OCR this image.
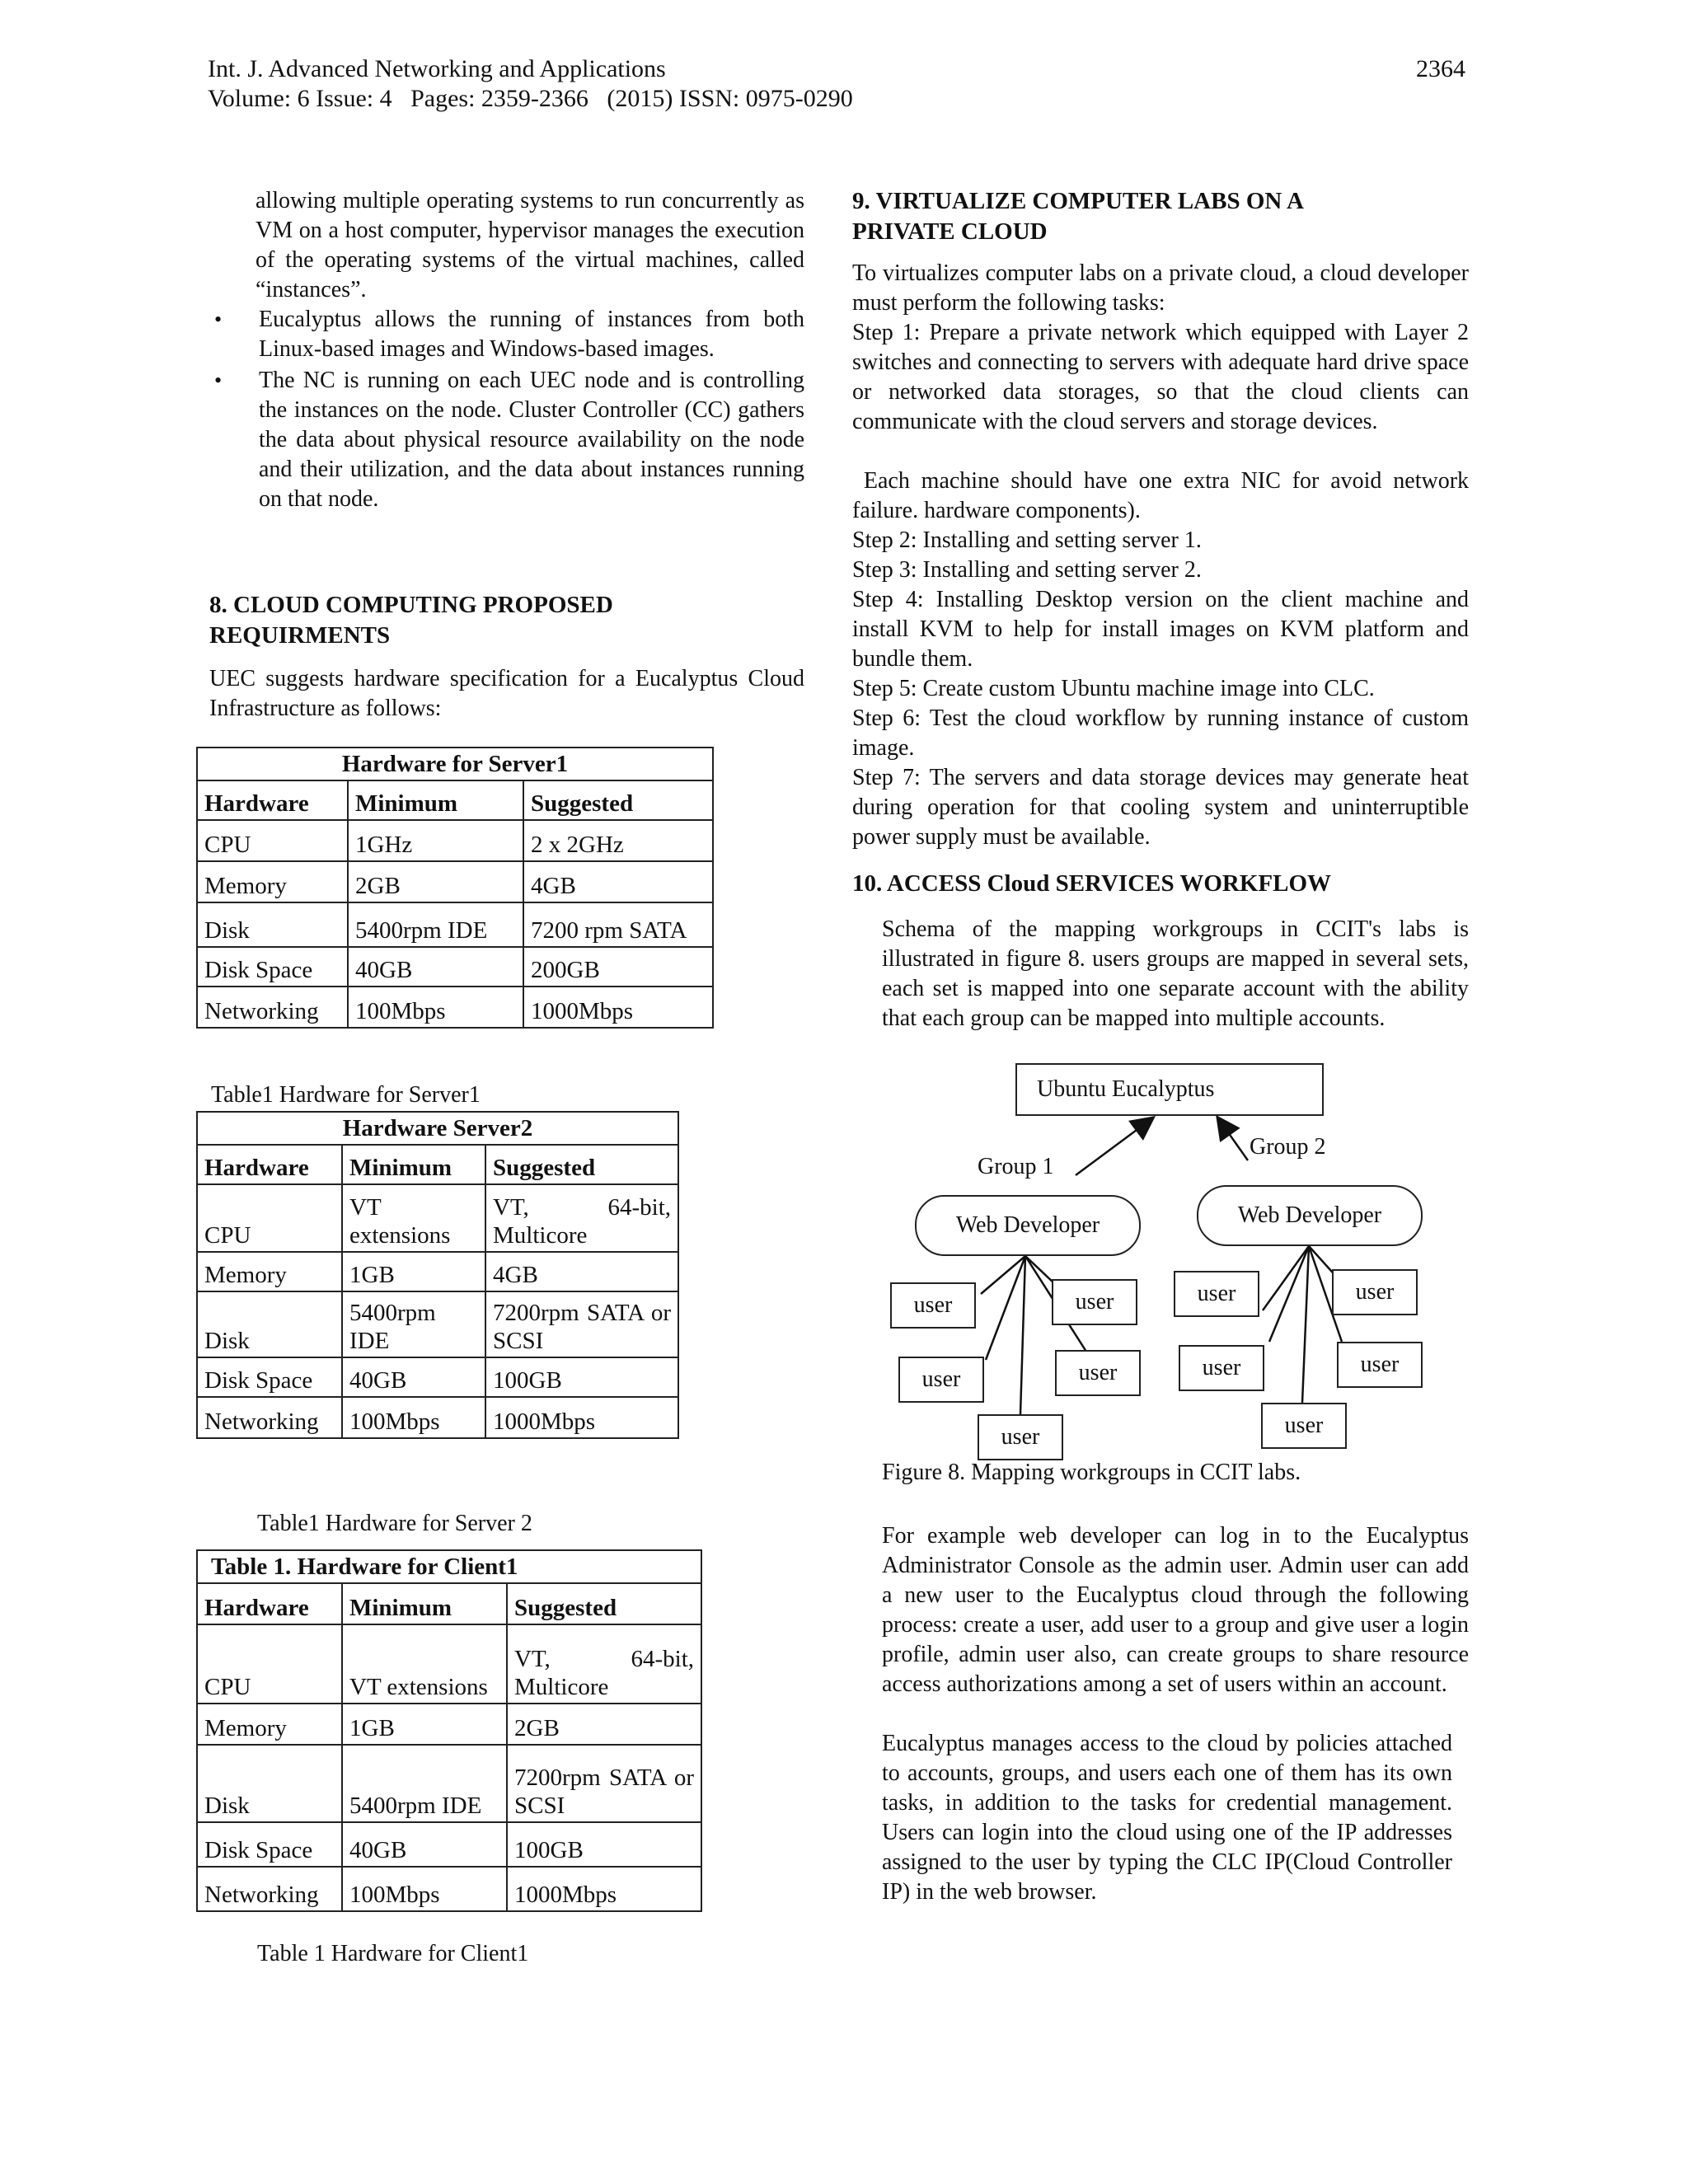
Int. J. Advanced Networking and Applications
Volume: 6 Issue: 4   Pages: 2359-2366   (2015) ISSN: 0975-0290
2364
allowing multiple operating systems to run concurrently as VM on a host computer, hypervisor manages the execution of the operating systems of the virtual machines, called “instances”.
• Eucalyptus allows the running of instances from both Linux-based images and Windows-based images.
• The NC is running on each UEC node and is controlling the instances on the node. Cluster Controller (CC) gathers the data about physical resource availability on the node and their utilization, and the data about instances running on that node.
8. CLOUD COMPUTING PROPOSED
REQUIRMENTS
UEC suggests hardware specification for a Eucalyptus Cloud Infrastructure as follows:
Hardware for Server1		
Hardware	Minimum	Suggested
CPU	1GHz	2 x 2GHz
Memory	2GB	4GB
Disk	5400rpm IDE	7200 rpm SATA
Disk Space	40GB	200GB
Networking	100Mbps	1000Mbps
Table1 Hardware for Server1
Hardware Server2		
Hardware	Minimum	Suggested
CPU	VT extensions	VT, 64-bit, Multicore
Memory	1GB	4GB
Disk	5400rpm IDE	7200rpm SATA or SCSI
Disk Space	40GB	100GB
Networking	100Mbps	1000Mbps
Table1 Hardware for Server 2
Table 1. Hardware for Client1		
Hardware	Minimum	Suggested
CPU	VT extensions	VT, 64-bit, Multicore
Memory	1GB	2GB
Disk	5400rpm IDE	7200rpm SATA or SCSI
Disk Space	40GB	100GB
Networking	100Mbps	1000Mbps
Table 1 Hardware for Client1
9. VIRTUALIZE COMPUTER LABS ON A
PRIVATE CLOUD
To virtualizes computer labs on a private cloud, a cloud developer must perform the following tasks:
Step 1: Prepare a private network which equipped with Layer 2 switches and connecting to servers with adequate hard drive space or networked data storages, so that the cloud clients can communicate with the cloud servers and storage devices.
Each machine should have one extra NIC for avoid network failure. hardware components).
Step 2: Installing and setting server 1.
Step 3: Installing and setting server 2.
Step 4: Installing Desktop version on the client machine and install KVM to help for install images on KVM platform and bundle them.
Step 5: Create custom Ubuntu machine image into CLC.
Step 6: Test the cloud workflow by running instance of custom image.
Step 7: The servers and data storage devices may generate heat during operation for that cooling system and uninterruptible power supply must be available.
10. ACCESS Cloud SERVICES WORKFLOW
Schema of the mapping workgroups in CCIT's labs is illustrated in figure 8. users groups are mapped in several sets, each set is mapped into one separate account with the ability that each group can be mapped into multiple accounts.
Ubuntu Eucalyptus
Group 1
Group 2
Web Developer	Web Developer
user	user
user	user
user
user	user
user	user
user
Figure 8. Mapping workgroups in CCIT labs.
For example web developer can log in to the Eucalyptus Administrator Console as the admin user. Admin user can add a new user to the Eucalyptus cloud through the following process: create a user, add user to a group and give user a login profile, admin user also, can create groups to share resource access authorizations among a set of users within an account.
Eucalyptus manages access to the cloud by policies attached to accounts, groups, and users each one of them has its own tasks, in addition to the tasks for credential management. Users can login into the cloud using one of the IP addresses assigned to the user by typing the CLC IP(Cloud Controller IP) in the web browser.
